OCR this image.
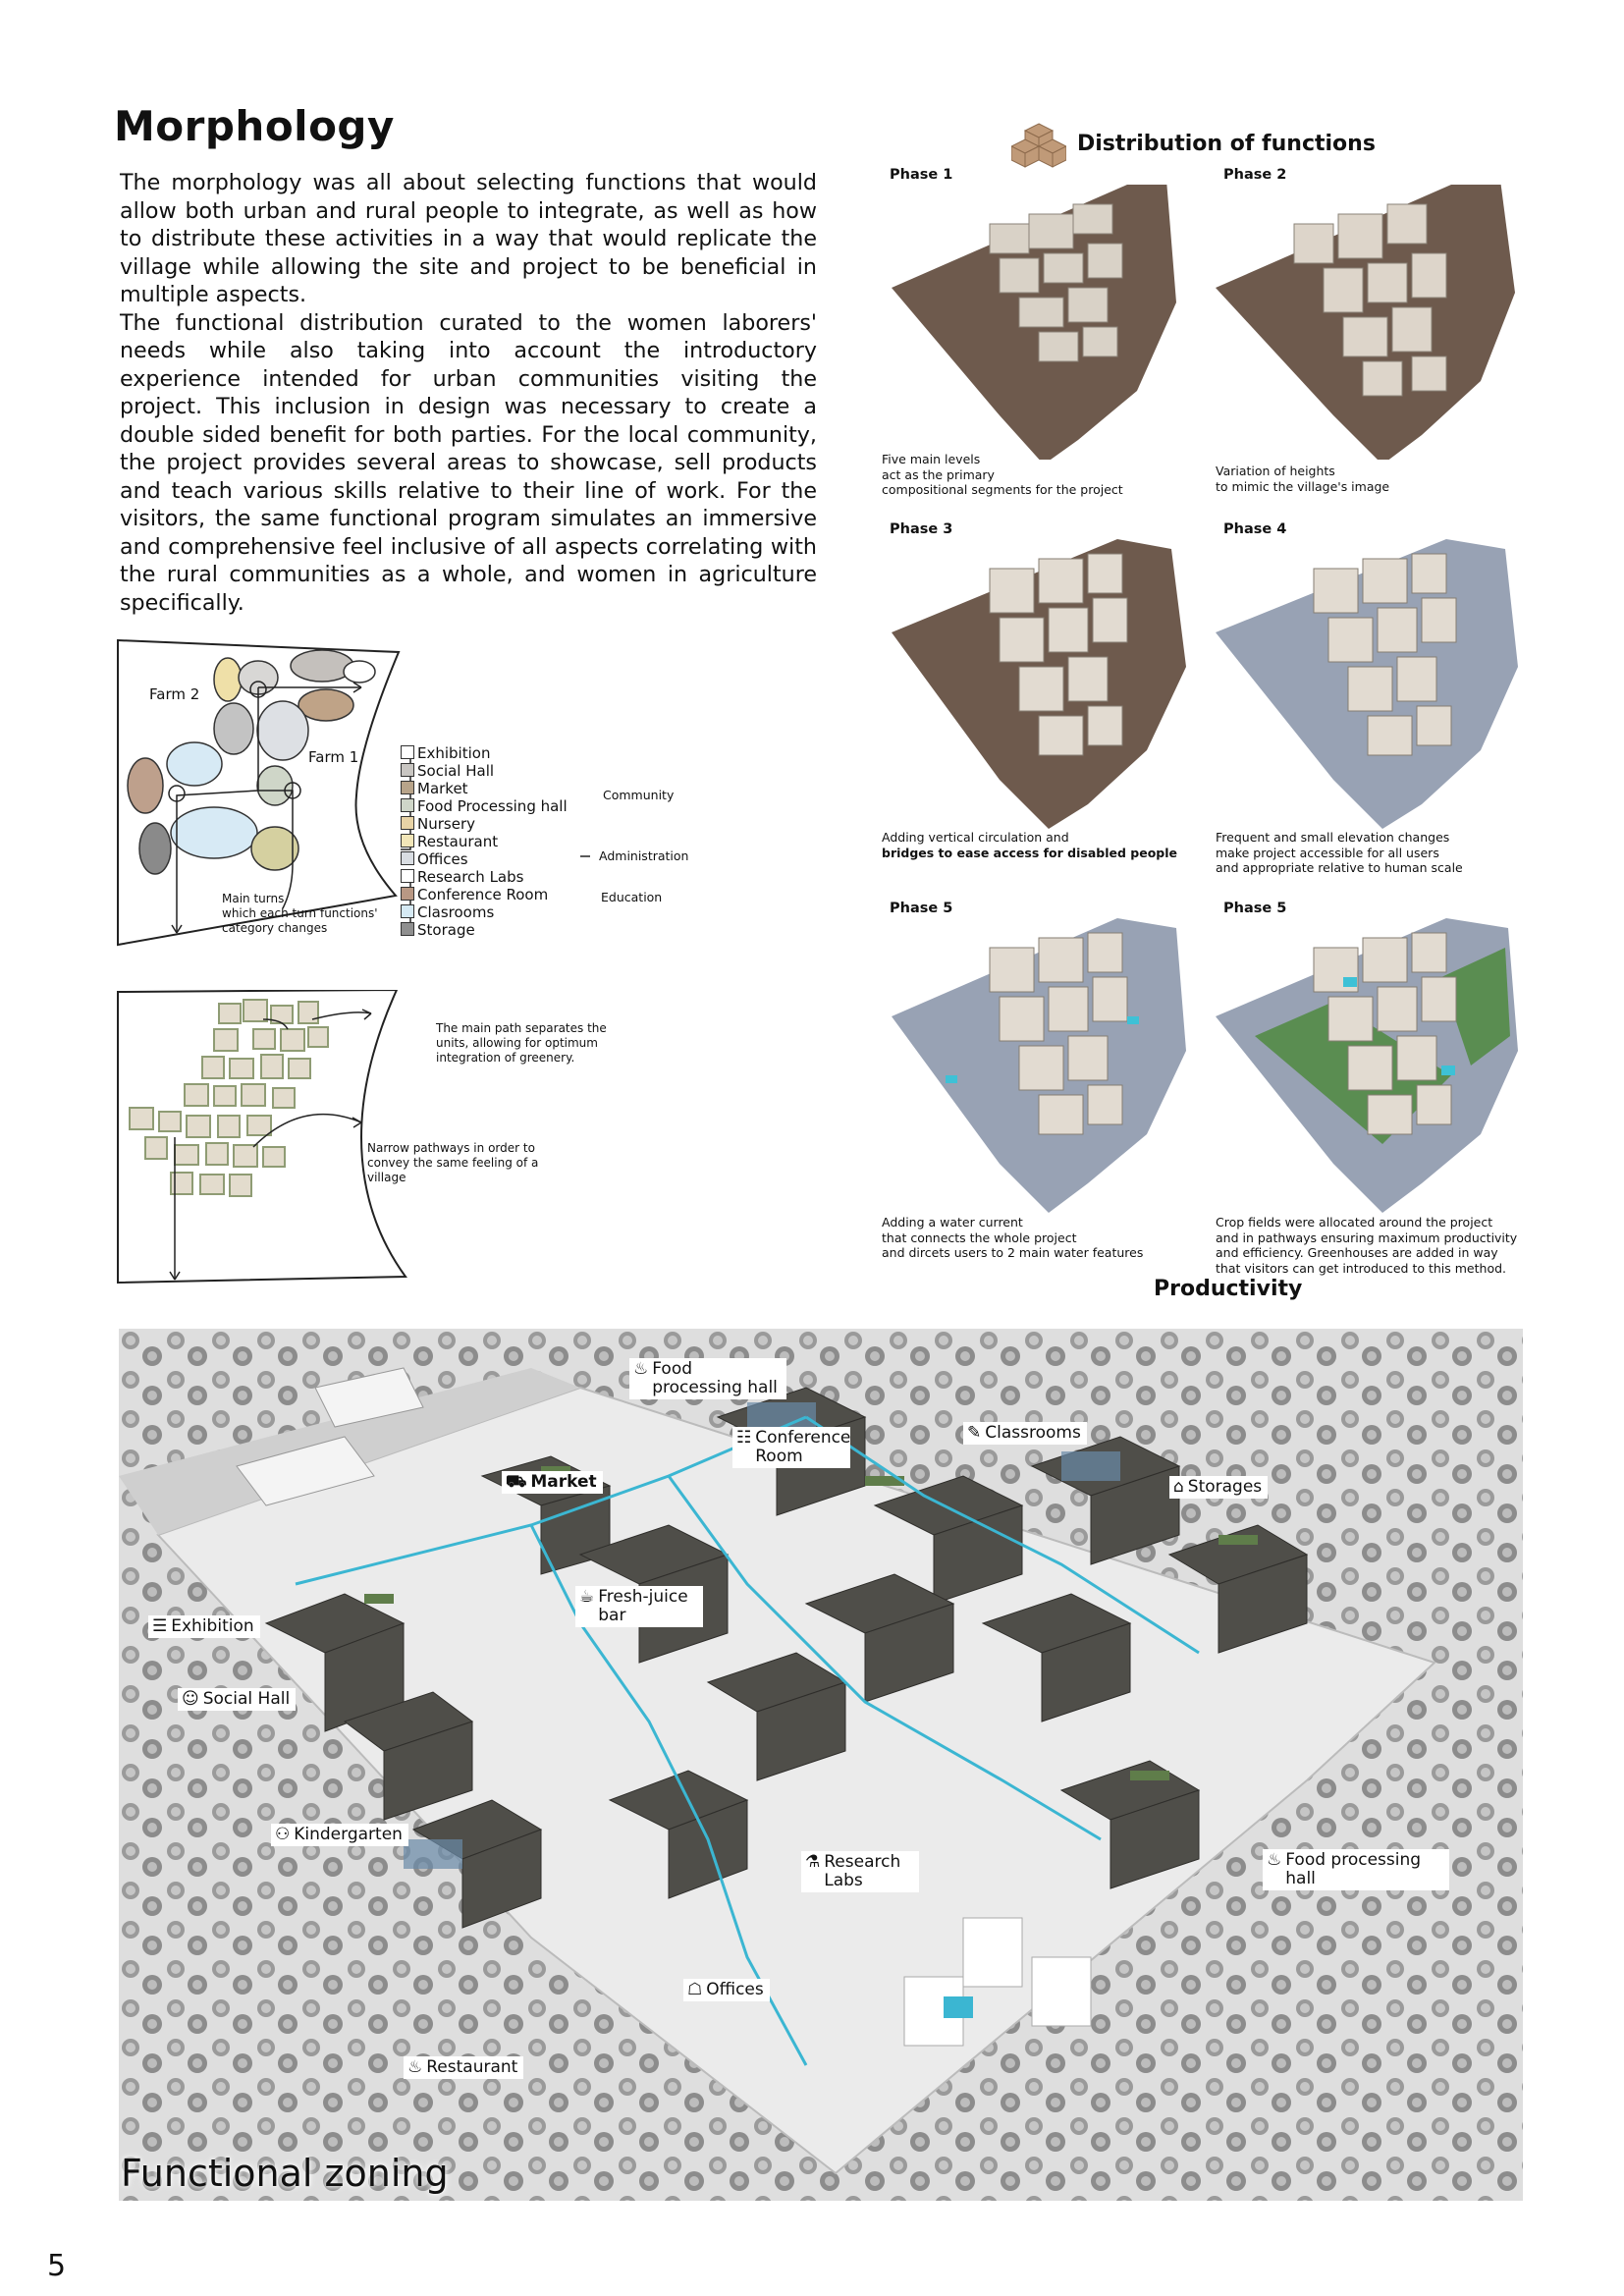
Morphology

The morphology was all about selecting functions that would allow both urban and rural people to integrate, as well as how to distribute these activities in a way that would replicate the village while allowing the site and project to be beneficial in multiple aspects.

The functional distribution curated to the women laborers' needs while also taking into account the introductory experience intended for urban communities visiting the project. This inclusion in design was necessary to create a double sided benefit for both parties. For the local community, the project provides several areas to showcase, sell products and teach various skills relative to their line of work. For the visitors, the same functional program simulates an immersive and comprehensive feel inclusive of all aspects correlating with the rural communities as a whole, and women in agriculture specifically.

Farm 2
Farm 1
Main turns
which each turn functions'
category changes
Exhibition
Social Hall
Market
Food Processing hall
Nursery
Restaurant
Offices
Research Labs
Conference Room
Clasrooms
Storage
Community
Administration
Education
The main path separates the
units, allowing for optimum
integration of greenery.
Narrow pathways in order to
convey the same feeling of a
village
Distribution of functions
Phase 1
Five main levels
act as the primary
compositional segments for the project
Phase 2
Variation of heights
to mimic the village's image
Phase 3
Adding vertical circulation and
bridges to ease access for disabled people
Phase 4
Frequent and small elevation changes
make project accessible for all users
and appropriate relative to human scale
Phase 5
Adding a water current
that connects the whole project
and dircets users to 2 main water features
Phase 5
Crop fields were allocated around the project
and in pathways ensuring maximum productivity
and efficiency. Greenhouses are added in way
that visitors can get introduced to this method.
Productivity
♨ Food processing hall
☷ Conference Room
✎ Classrooms
⛟ Market	⌂ Storages
☕ Fresh-juice bar
☰ Exhibition
☺ Social Hall
⚇ Kindergarten
⚗ Research Labs
♨ Food processing hall
☖ Offices
♨ Restaurant
Functional zoning
5
